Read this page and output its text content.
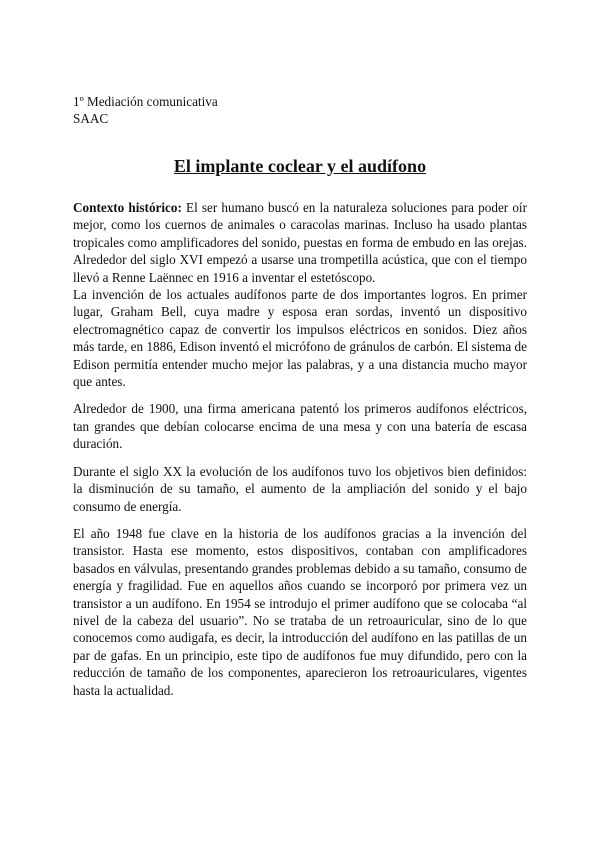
1º Mediación comunicativa

SAAC

El implante coclear y el audífono

Contexto histórico: El ser humano buscó en la naturaleza soluciones para poder oír mejor, como los cuernos de animales o caracolas marinas. Incluso ha usado plantas tropicales como amplificadores del sonido, puestas en forma de embudo en las orejas. Alrededor del siglo XVI empezó a usarse una trompetilla acústica, que con el tiempo llevó a Renne Laënnec en 1916 a inventar el estetóscopo.

La invención de los actuales audífonos parte de dos importantes logros. En primer lugar, Graham Bell, cuya madre y esposa eran sordas, inventó un dispositivo electromagnético capaz de convertir los impulsos eléctricos en sonidos. Diez años más tarde, en 1886, Edison inventó el micrófono de gránulos de carbón. El sistema de Edison permitía entender mucho mejor las palabras, y a una distancia mucho mayor que antes.

Alrededor de 1900, una firma americana patentó los primeros audífonos eléctricos, tan grandes que debían colocarse encima de una mesa y con una batería de escasa duración.

Durante el siglo XX la evolución de los audífonos tuvo los objetivos bien definidos: la disminución de su tamaño, el aumento de la ampliación del sonido y el bajo consumo de energía.

El año 1948 fue clave en la historia de los audífonos gracias a la invención del transistor. Hasta ese momento, estos dispositivos, contaban con amplificadores basados en válvulas, presentando grandes problemas debido a su tamaño, consumo de energía y fragilidad. Fue en aquellos años cuando se incorporó por primera vez un transistor a un audífono. En 1954 se introdujo el primer audífono que se colocaba “al nivel de la cabeza del usuario”. No se trataba de un retroauricular, sino de lo que conocemos como audigafa, es decir, la introducción del audífono en las patillas de un par de gafas. En un principio, este tipo de audífonos fue muy difundido, pero con la reducción de tamaño de los componentes, aparecieron los retroauriculares, vigentes hasta la actualidad.
